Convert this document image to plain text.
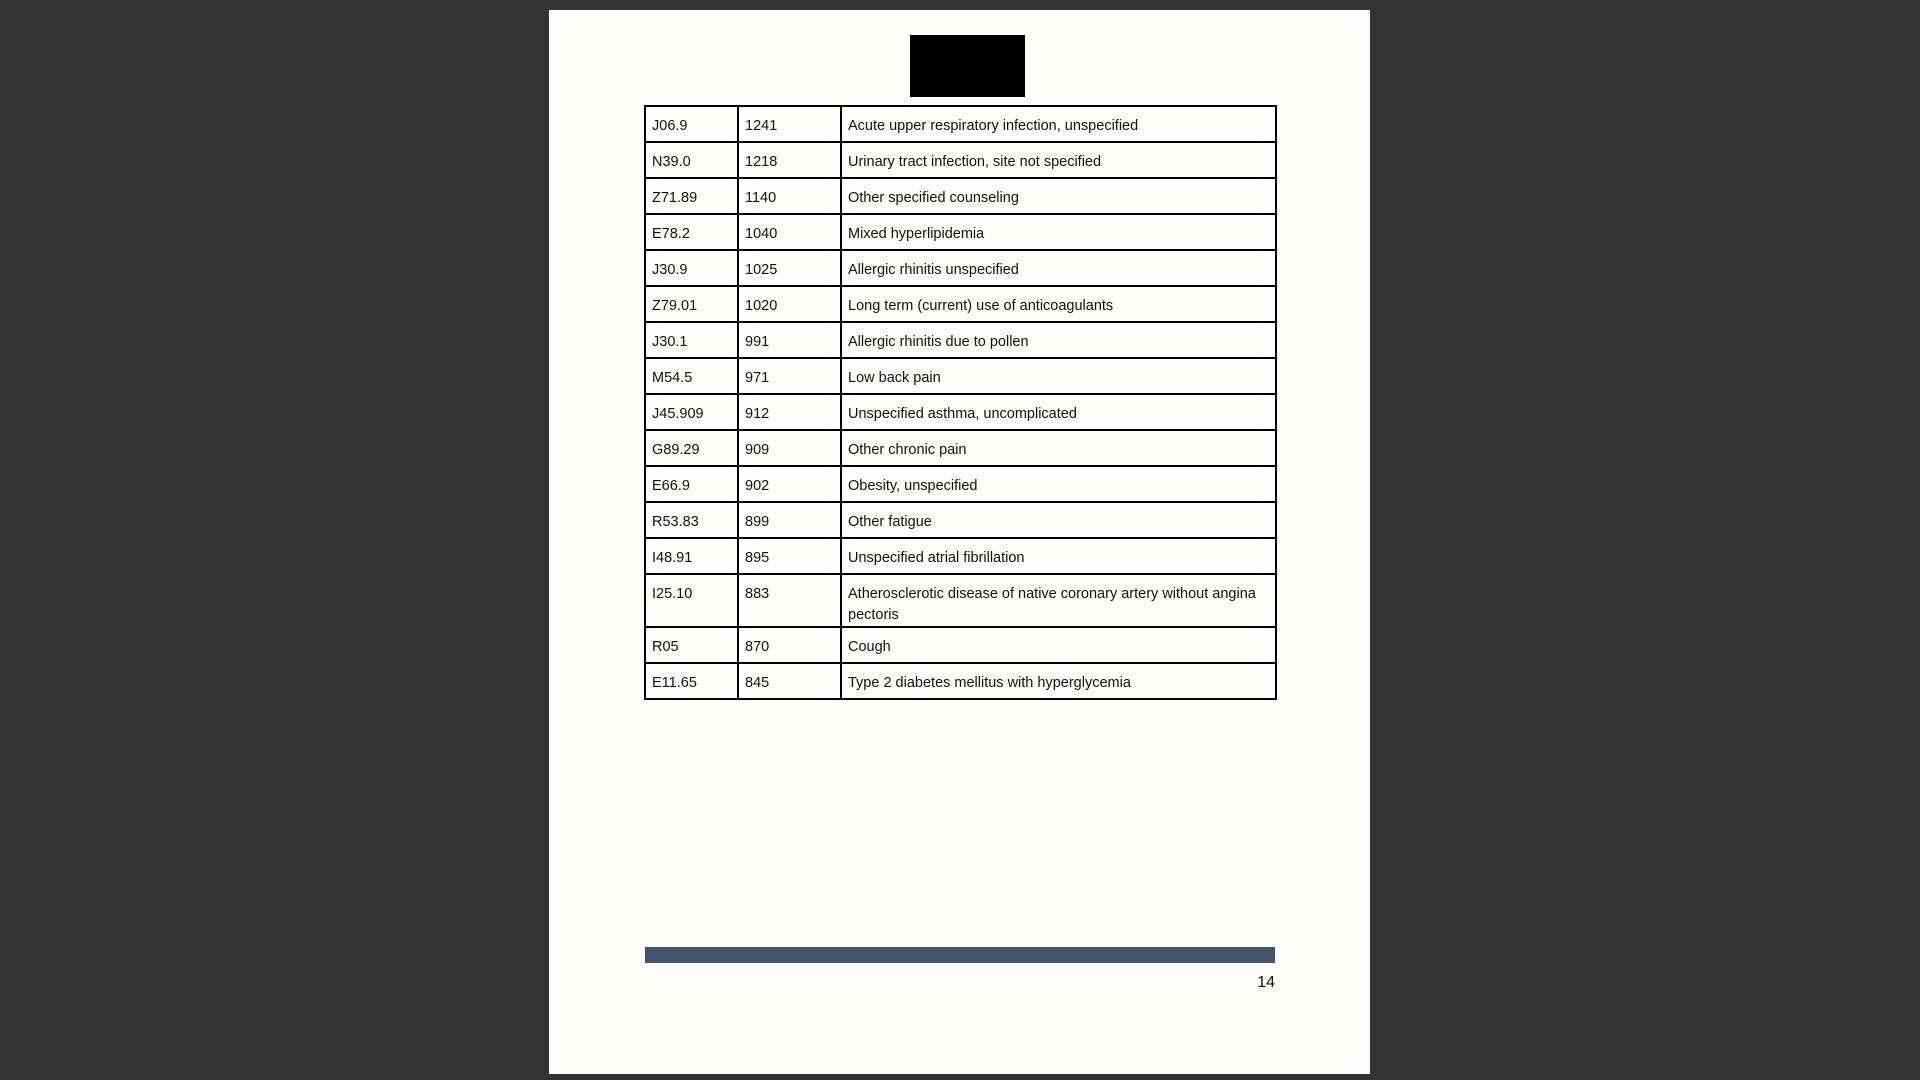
J06.9	1241	Acute upper respiratory infection, unspecified
N39.0	1218	Urinary tract infection, site not specified
Z71.89	1140	Other specified counseling
E78.2	1040	Mixed hyperlipidemia
J30.9	1025	Allergic rhinitis unspecified
Z79.01	1020	Long term (current) use of anticoagulants
J30.1	991	Allergic rhinitis due to pollen
M54.5	971	Low back pain
J45.909	912	Unspecified asthma, uncomplicated
G89.29	909	Other chronic pain
E66.9	902	Obesity, unspecified
R53.83	899	Other fatigue
I48.91	895	Unspecified atrial fibrillation
I25.10	883	Atherosclerotic disease of native coronary artery without angina pectoris
R05	870	Cough
E11.65	845	Type 2 diabetes mellitus with hyperglycemia
14
